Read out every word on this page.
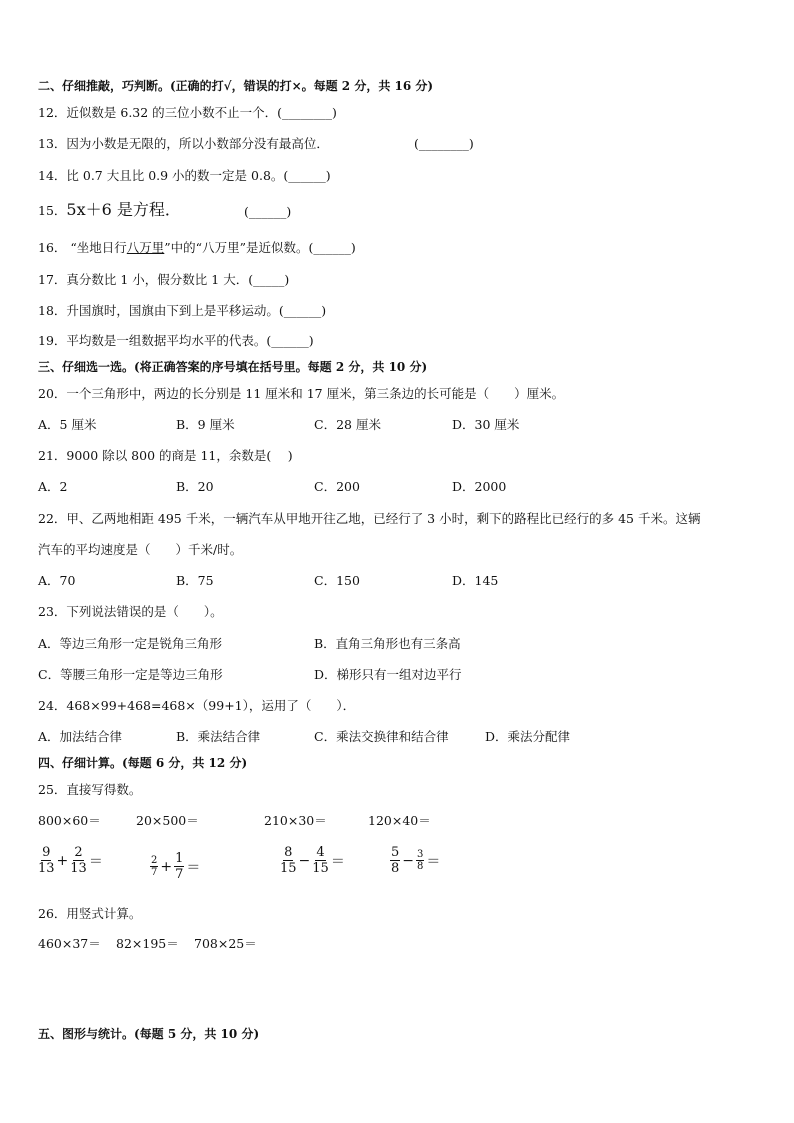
二、仔细推敲，巧判断。(正确的打√，错误的打×。每题 2 分，共 16 分)
12．近似数是 6.32 的三位小数不止一个．(________)
13．因为小数是无限的，所以小数部分没有最高位．	(________)
14．比 0.7 大且比 0.9 小的数一定是 0.8。(______)
15．5x＋6 是方程．	(______)
16． “坐地日行八万里”中的“八万里”是近似数。(______)
17．真分数比 1 小，假分数比 1 大．(_____)
18．升国旗时，国旗由下到上是平移运动。(______)
19．平均数是一组数据平均水平的代表。(______)
三、仔细选一选。(将正确答案的序号填在括号里。每题 2 分，共 10 分)
20．一个三角形中，两边的长分别是 11 厘米和 17 厘米，第三条边的长可能是（　　）厘米。
A．5 厘米	B．9 厘米	C．28 厘米	D．30 厘米
21．9000 除以 800 的商是 11，余数是(　 )
A．2	B．20	C．200	D．2000
22．甲、乙两地相距 495 千米，一辆汽车从甲地开往乙地，已经行了 3 小时，剩下的路程比已经行的多 45 千米。这辆
汽车的平均速度是（　　）千米/时。
A．70	B．75	C．150	D．145
23．下列说法错误的是（　　）。
A．等边三角形一定是锐角三角形	B．直角三角形也有三条高
C．等腰三角形一定是等边三角形	D．梯形只有一组对边平行
24．468×99+468=468×（99+1），运用了（　　）．
A．加法结合律	B．乘法结合律	C．乘法交换律和结合律	D．乘法分配律
四、仔细计算。(每题 6 分，共 12 分)
25．直接写得数。
800×60＝	20×500＝	210×30＝	120×40＝
$\frac{9}{13} + \frac{2}{13}$ ＝	$\frac{2}{7} + \frac{1}{7}$ ＝	$\frac{8}{15} - \frac{4}{15}$ ＝	$\frac{5}{8} - \frac{3}{8}$ ＝
26．用竖式计算。
460×37＝ 82×195＝ 708×25＝
五、图形与统计。(每题 5 分，共 10 分)
